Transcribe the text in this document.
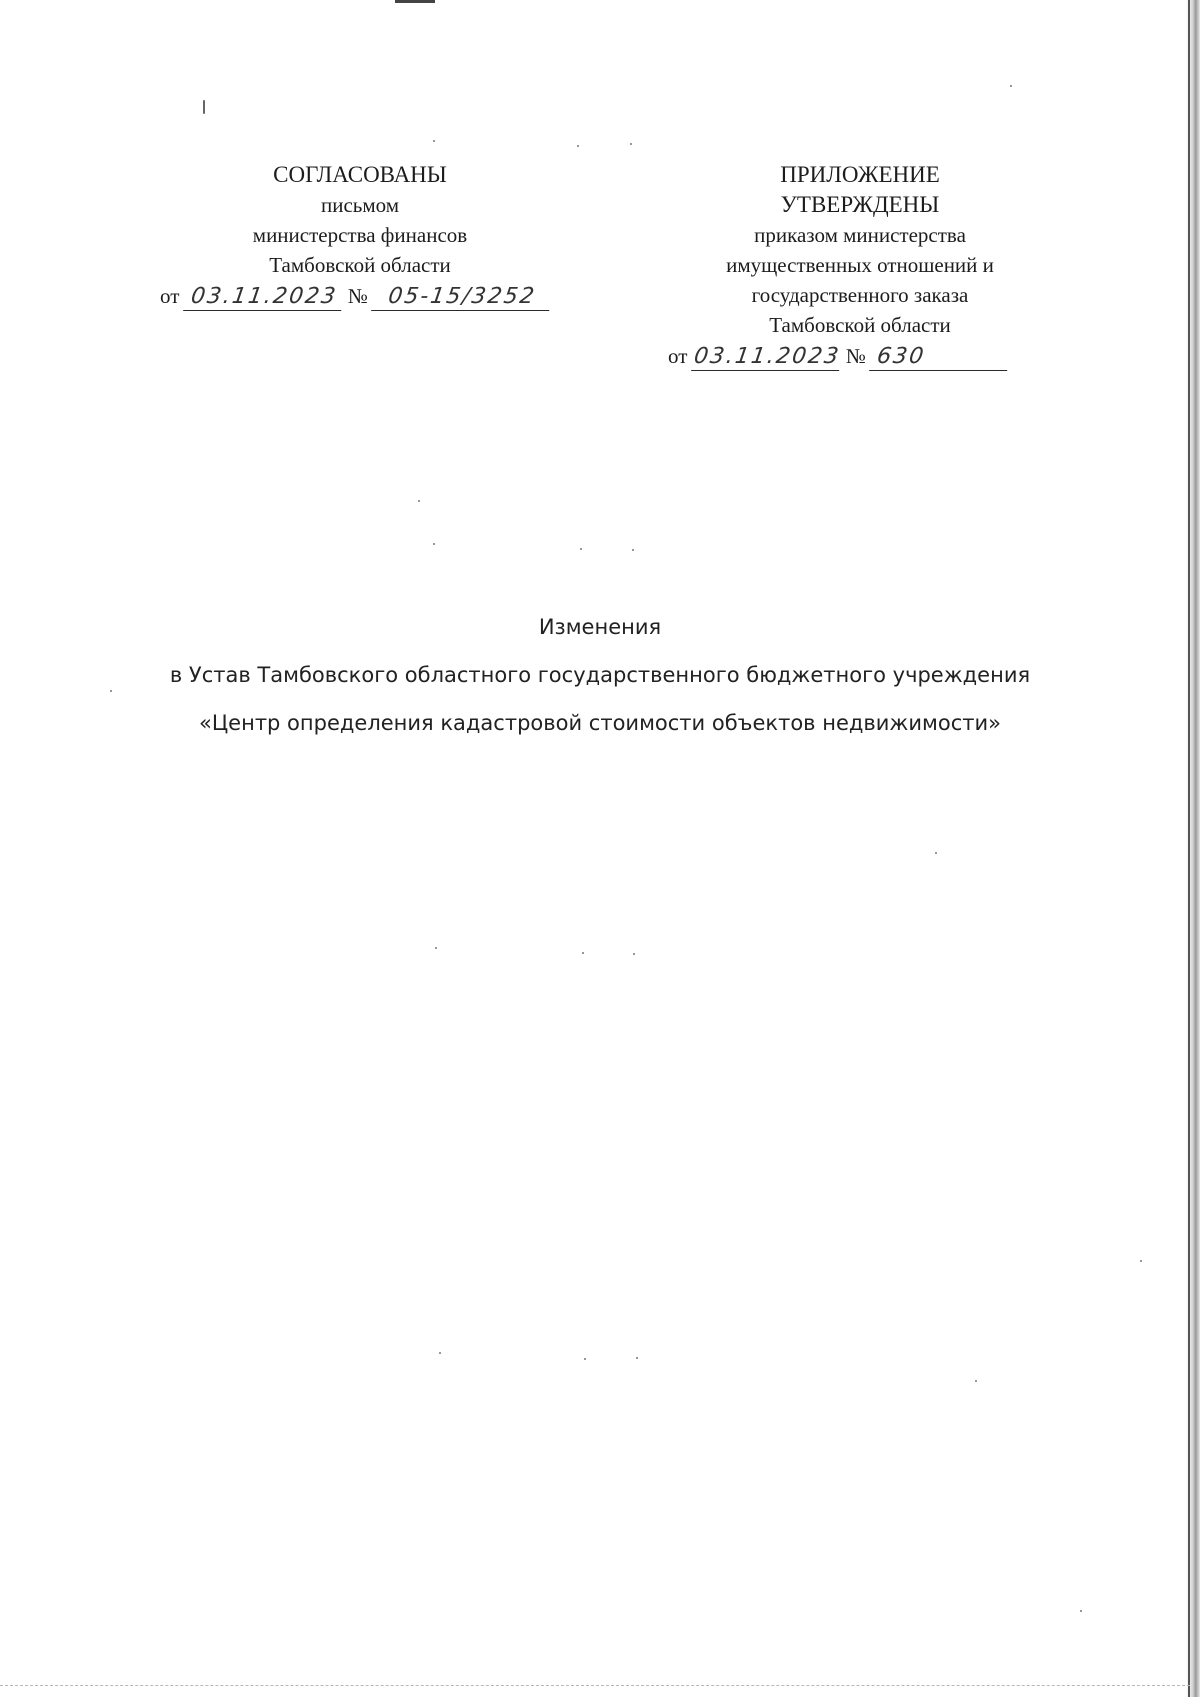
СОГЛАСОВАНЫ
письмом
министерства финансов
Тамбовской области
от 03.11.2023 № 05-15/3252
ПРИЛОЖЕНИЕ
УТВЕРЖДЕНЫ
приказом министерства
имущественных отношений и
государственного заказа
Тамбовской области
от 03.11.2023 № 630
Изменения
в Устав Тамбовского областного государственного бюджетного учреждения
«Центр определения кадастровой стоимости объектов недвижимости»
